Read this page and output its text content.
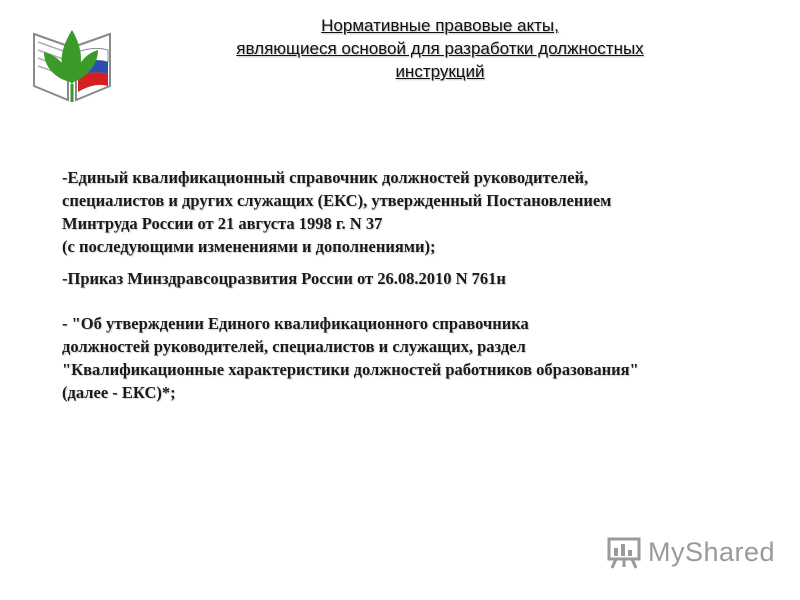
Нормативные правовые акты,
являющиеся основой для разработки должностных
инструкций
-Единый квалификационный справочник должностей руководителей,
специалистов и других служащих (ЕКС), утвержденный Постановлением
Минтруда России от 21 августа 1998 г. N 37
(с последующими изменениями и дополнениями);
-Приказ Минздравсоцразвития России от 26.08.2010 N 761н
- "Об утверждении Единого квалификационного справочника
должностей руководителей, специалистов и служащих, раздел
"Квалификационные характеристики должностей работников образования"
(далее - ЕКС)*;
MyShared
